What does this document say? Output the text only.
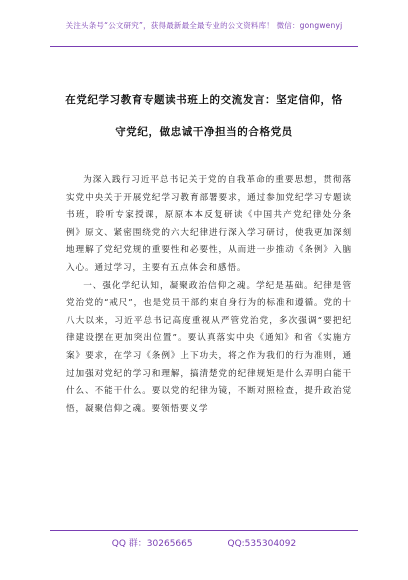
关注头条号“公文研究”，获得最新最全最专业的公文资料库！ 微信：gongwenyj
在党纪学习教育专题读书班上的交流发言：坚定信仰，恪
守党纪，做忠诚干净担当的合格党员

为深入践行习近平总书记关于党的自我革命的重要思想，贯彻落实党中央关于开展党纪学习教育部署要求，通过参加党纪学习专题读书班，聆听专家授课，原原本本反复研读《中国共产党纪律处分条例》原文、紧密围绕党的六大纪律进行深入学习研讨，使我更加深刻地理解了党纪党规的重要性和必要性，从而进一步推动《条例》入脑入心。通过学习，主要有五点体会和感悟。

一、强化学纪认知，凝聚政治信仰之魂。学纪是基础。纪律是管党治党的“戒尺”，也是党员干部约束自身行为的标准和遵循。党的十八大以来，习近平总书记高度重视从严管党治党，多次强调“要把纪律建设摆在更加突出位置”。要认真落实中央《通知》和省《实施方案》要求，在学习《条例》上下功夫，将之作为我们的行为准则，通过加强对党纪的学习和理解，搞清楚党的纪律规矩是什么弄明白能干什么、不能干什么。要以党的纪律为镜，不断对照检查，提升政治觉悟，凝聚信仰之魂。要领悟要义学

QQ 群：30265665	QQ:535304092
